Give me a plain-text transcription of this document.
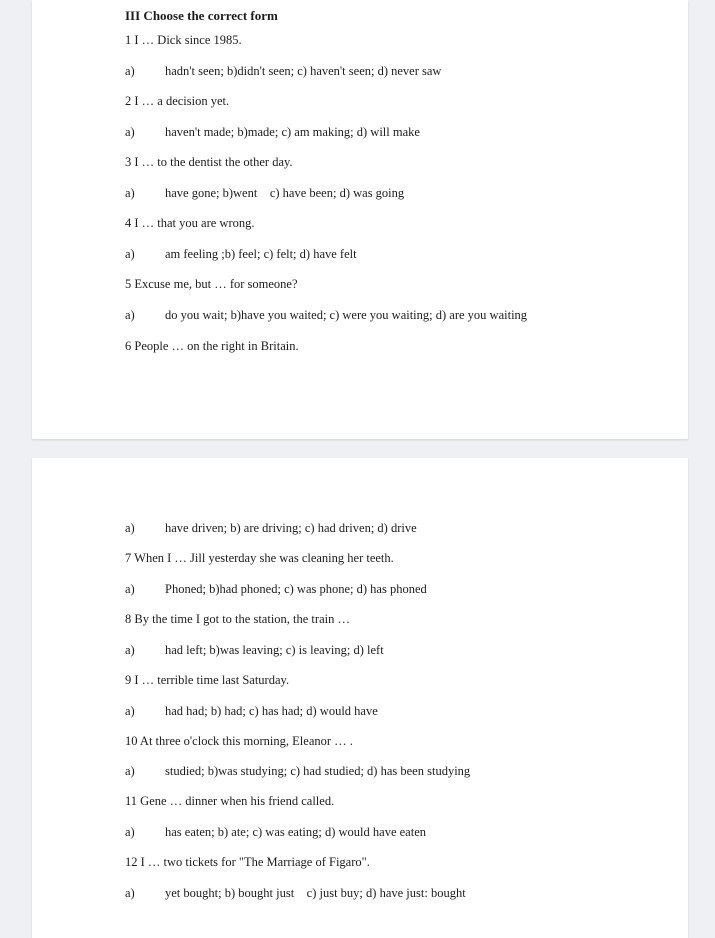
III Choose the correct form
1 I … Dick since 1985.
a) hadn't seen; b)didn't seen; c) haven't seen; d) never saw
2 I … a decision yet.
a) haven't made; b)made; c) am making; d) will make
3 I … to the dentist the other day.
a) have gone; b)went    c) have been; d) was going
4 I … that you are wrong.
a) am feeling ;b) feel; c) felt; d) have felt
5 Excuse me, but … for someone?
a) do you wait; b)have you waited; c) were you waiting; d) are you waiting
6 People … on the right in Britain.
a) have driven; b) are driving; c) had driven; d) drive
7 When I … Jill yesterday she was cleaning her teeth.
a) Phoned; b)had phoned; c) was phone; d) has phoned
8 By the time I got to the station, the train …
a) had left; b)was leaving; c) is leaving; d) left
9 I … terrible time last Saturday.
a) had had; b) had; c) has had; d) would have
10 At three o'clock this morning, Eleanor … .
a) studied; b)was studying; c) had studied; d) has been studying
11 Gene … dinner when his friend called.
a) has eaten; b) ate; c) was eating; d) would have eaten
12 I … two tickets for "The Marriage of Figaro".
a) yet bought; b) bought just    c) just buy; d) have just: bought
